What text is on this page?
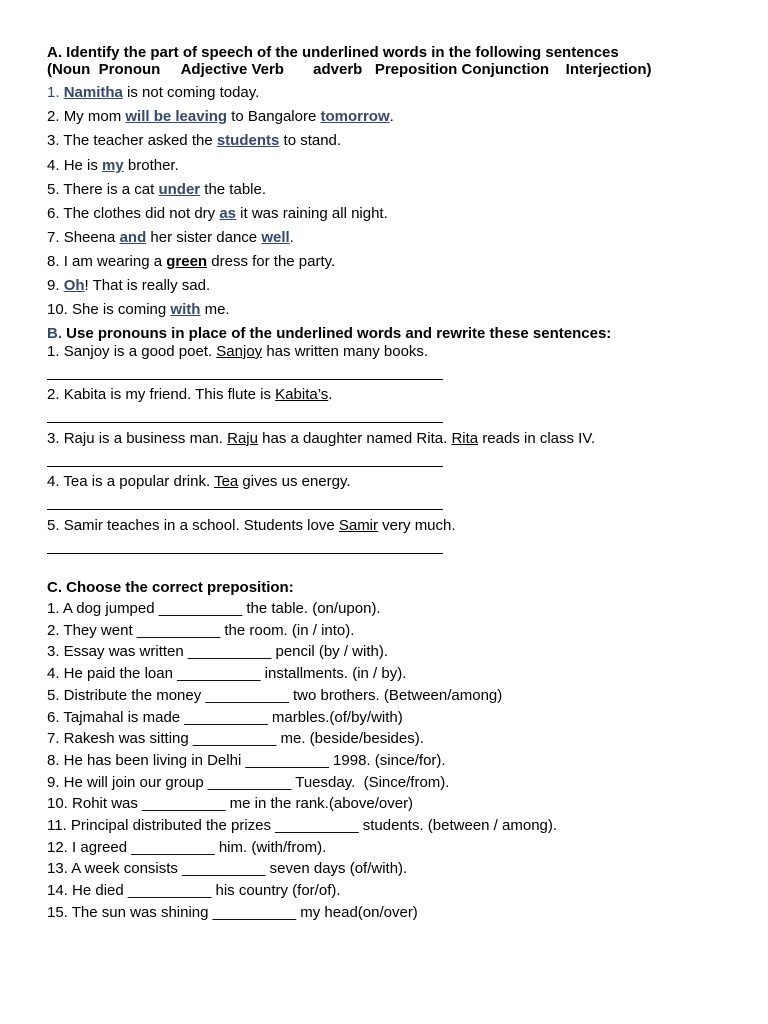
A. Identify the part of speech of the underlined words in the following sentences
(Noun  Pronoun     Adjective Verb       adverb   Preposition Conjunction    Interjection)
1. Namitha is not coming today.
2. My mom will be leaving to Bangalore tomorrow.
3. The teacher asked the students to stand.
4. He is my brother.
5. There is a cat under the table.
6. The clothes did not dry as it was raining all night.
7. Sheena and her sister dance well.
8. I am wearing a green dress for the party.
9. Oh! That is really sad.
10. She is coming with me.
B. Use pronouns in place of the underlined words and rewrite these sentences:
1. Sanjoy is a good poet. Sanjoy has written many books.
2. Kabita is my friend. This flute is Kabita’s.
3. Raju is a business man. Raju has a daughter named Rita. Rita reads in class IV.
4. Tea is a popular drink. Tea gives us energy.
5. Samir teaches in a school. Students love Samir very much.
C. Choose the correct preposition:
1. A dog jumped __________ the table. (on/upon).
2. They went __________ the room. (in / into).
3. Essay was written __________ pencil (by / with).
4. He paid the loan __________ installments. (in / by).
5. Distribute the money __________ two brothers. (Between/among)
6. Tajmahal is made __________ marbles.(of/by/with)
7. Rakesh was sitting __________ me. (beside/besides).
8. He has been living in Delhi __________ 1998. (since/for).
9. He will join our group __________ Tuesday.  (Since/from).
10. Rohit was __________ me in the rank.(above/over)
11. Principal distributed the prizes __________ students. (between / among).
12. I agreed __________ him. (with/from).
13. A week consists __________ seven days (of/with).
14. He died __________ his country (for/of).
15. The sun was shining __________ my head(on/over)
